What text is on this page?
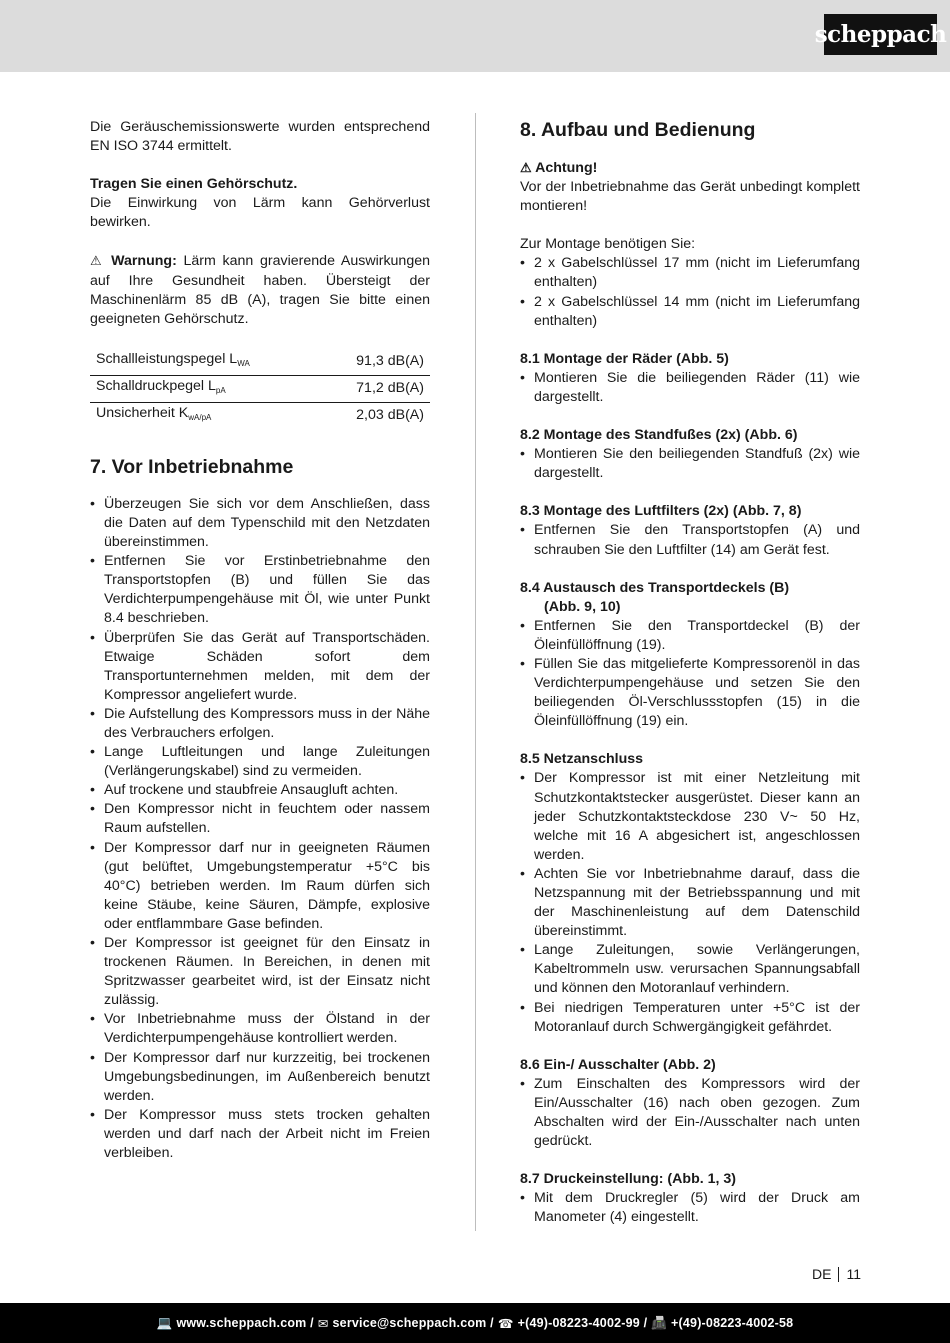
scheppach

Die Geräuschemissionswerte wurden entsprechend EN ISO 3744 ermittelt.

Tragen Sie einen Gehörschutz.

Die Einwirkung von Lärm kann Gehörverlust bewirken.

⚠ Warnung: Lärm kann gravierende Auswirkungen auf Ihre Gesundheit haben. Übersteigt der Maschinenlärm 85 dB (A), tragen Sie bitte einen geeigneten Gehörschutz.

Schallleistungspegel $L_{WA}$	91,3 dB(A)
Schalldruckpegel $L_{pA}$	71,2 dB(A)
Unsicherheit $K_{wA/pA}$	2,03 dB(A)
7. Vor Inbetriebnahme
• Überzeugen Sie sich vor dem Anschließen, dass die Daten auf dem Typenschild mit den Netzdaten übereinstimmen.
• Entfernen Sie vor Erstinbetriebnahme den Transportstopfen (B) und füllen Sie das Verdichterpumpengehäuse mit Öl, wie unter Punkt 8.4 beschrieben.
• Überprüfen Sie das Gerät auf Transportschäden. Etwaige Schäden sofort dem Transportunternehmen melden, mit dem der Kompressor angeliefert wurde.
• Die Aufstellung des Kompressors muss in der Nähe des Verbrauchers erfolgen.
• Lange Luftleitungen und lange Zuleitungen (Verlängerungskabel) sind zu vermeiden.
• Auf trockene und staubfreie Ansaugluft achten.
• Den Kompressor nicht in feuchtem oder nassem Raum aufstellen.
• Der Kompressor darf nur in geeigneten Räumen (gut belüftet, Umgebungstemperatur +5°C bis 40°C) betrieben werden. Im Raum dürfen sich keine Stäube, keine Säuren, Dämpfe, explosive oder entflammbare Gase befinden.
• Der Kompressor ist geeignet für den Einsatz in trockenen Räumen. In Bereichen, in denen mit Spritzwasser gearbeitet wird, ist der Einsatz nicht zulässig.
• Vor Inbetriebnahme muss der Ölstand in der Verdichterpumpengehäuse kontrolliert werden.
• Der Kompressor darf nur kurzzeitig, bei trockenen Umgebungsbedinungen, im Außenbereich benutzt werden.
• Der Kompressor muss stets trocken gehalten werden und darf nach der Arbeit nicht im Freien verbleiben.
8. Aufbau und Bedienung

⚠ Achtung!

Vor der Inbetriebnahme das Gerät unbedingt komplett montieren!

Zur Montage benötigen Sie:

• 2 x Gabelschlüssel 17 mm (nicht im Lieferumfang enthalten)
• 2 x Gabelschlüssel 14 mm (nicht im Lieferumfang enthalten)
8.1 Montage der Räder (Abb. 5)
• Montieren Sie die beiliegenden Räder (11) wie dargestellt.
8.2 Montage des Standfußes (2x) (Abb. 6)
• Montieren Sie den beiliegenden Standfuß (2x) wie dargestellt.
8.3 Montage des Luftfilters (2x) (Abb. 7, 8)
• Entfernen Sie den Transportstopfen (A) und schrauben Sie den Luftfilter (14) am Gerät fest.
8.4 Austausch des Transportdeckels (B)
(Abb. 9, 10)
• Entfernen Sie den Transportdeckel (B) der Öleinfüllöffnung (19).
• Füllen Sie das mitgelieferte Kompressorenöl in das Verdichterpumpengehäuse und setzen Sie den beiliegenden Öl-Verschlussstopfen (15) in die Öleinfüllöffnung (19) ein.
8.5 Netzanschluss
• Der Kompressor ist mit einer Netzleitung mit Schutzkontaktstecker ausgerüstet. Dieser kann an jeder Schutzkontaktsteckdose 230 V~ 50 Hz, welche mit 16 A abgesichert ist, angeschlossen werden.
• Achten Sie vor Inbetriebnahme darauf, dass die Netzspannung mit der Betriebsspannung und mit der Maschinenleistung auf dem Datenschild übereinstimmt.
• Lange Zuleitungen, sowie Verlängerungen, Kabeltrommeln usw. verursachen Spannungsabfall und können den Motoranlauf verhindern.
• Bei niedrigen Temperaturen unter +5°C ist der Motoranlauf durch Schwergängigkeit gefährdet.
8.6 Ein-/ Ausschalter (Abb. 2)
• Zum Einschalten des Kompressors wird der Ein/Ausschalter (16) nach oben gezogen. Zum Abschalten wird der Ein-/Ausschalter nach unten gedrückt.
8.7 Druckeinstellung: (Abb. 1, 3)
• Mit dem Druckregler (5) wird der Druck am Manometer (4) eingestellt.
DE 11
💻 www.scheppach.com / ✉ service@scheppach.com / ☎ +(49)-08223-4002-99 / 📠 +(49)-08223-4002-58
